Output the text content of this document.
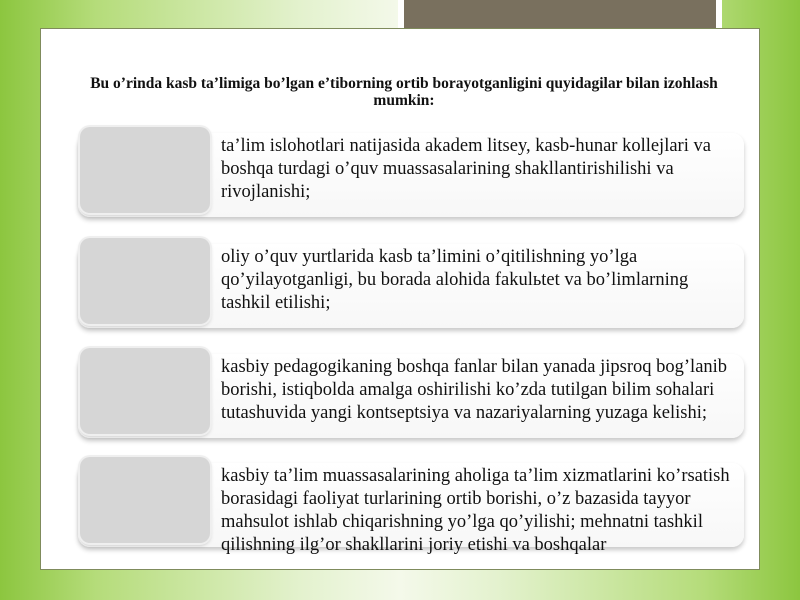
Bu o’rinda kasb ta’limiga bo’lgan e’tiborning ortib borayotganligini quyidagilar bilan izohlash mumkin:
ta’lim islohotlari natijasida akadem litsey, kasb-hunar kollejlari va boshqa turdagi o’quv muassasalarining shakllantirishilishi va rivojlanishi;
oliy o’quv yurtlarida kasb ta’limini o’qitilishning yo’lga qo’yilayotganligi, bu borada alohida fakulьtet va bo’limlarning tashkil etilishi;
kasbiy pedagogikaning boshqa fanlar bilan yanada jipsroq bog’lanib borishi, istiqbolda amalga oshirilishi ko’zda tutilgan bilim sohalari tutashuvida yangi kontseptsiya va nazariyalarning yuzaga kelishi;
kasbiy ta’lim muassasalarining aholiga ta’lim xizmatlarini ko’rsatish borasidagi faoliyat turlarining ortib borishi, o’z bazasida tayyor mahsulot ishlab chiqarishning yo’lga qo’yilishi; mehnatni tashkil qilishning ilg’or shakllarini joriy etishi va boshqalar
